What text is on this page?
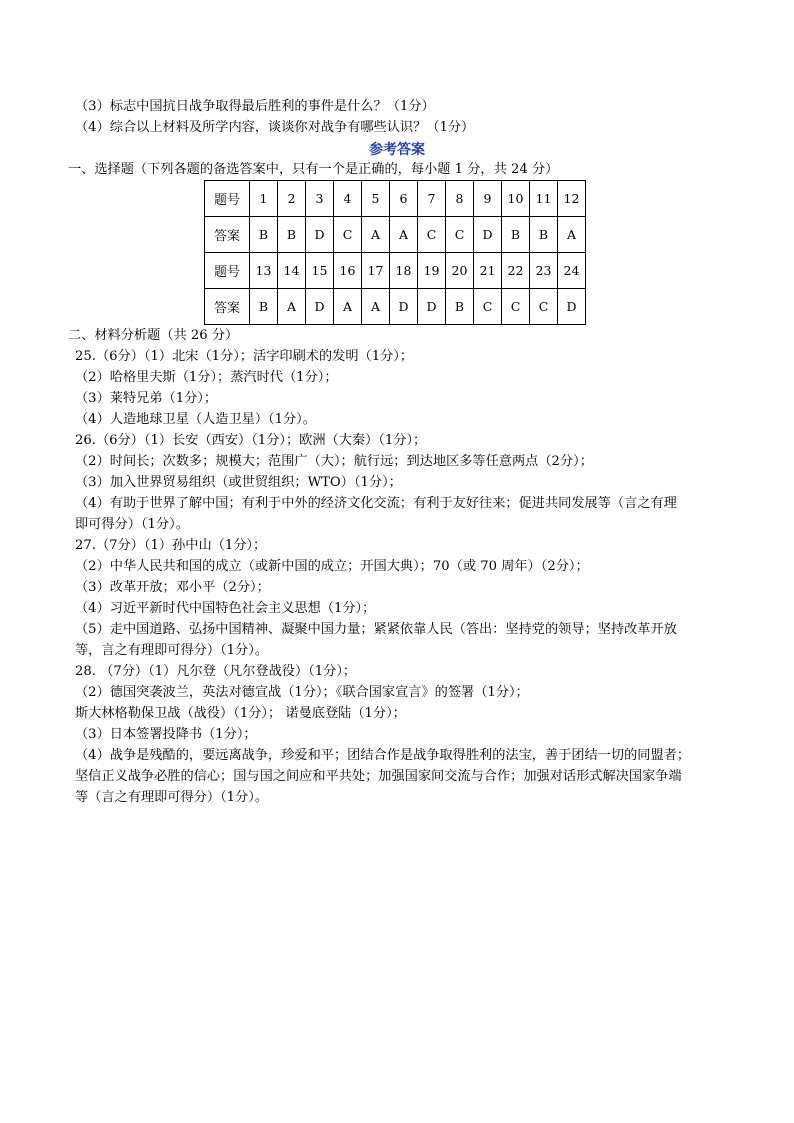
（3）标志中国抗日战争取得最后胜利的事件是什么？（1分）
（4）综合以上材料及所学内容，谈谈你对战争有哪些认识？（1分）
参考答案
一、选择题（下列各题的备选答案中，只有一个是正确的，每小题 1 分，共 24 分）
题号	1	2	3	4	5	6	7	8	9	10	11	12
答案	B	B	D	C	A	A	C	C	D	B	B	A
题号	13	14	15	16	17	18	19	20	21	22	23	24
答案	B	A	D	A	A	D	D	B	C	C	C	D
二、材料分析题（共 26 分）
25.（6分）（1）北宋（1分）；活字印刷术的发明（1分）；
（2）哈格里夫斯（1分）；蒸汽时代（1分）；
（3）莱特兄弟（1分）；
（4）人造地球卫星（人造卫星）（1分）。
26.（6分）（1）长安（西安）（1分）；欧洲（大秦）（1分）；
（2）时间长；次数多；规模大；范围广（大）；航行远；到达地区多等任意两点（2分）；
（3）加入世界贸易组织（或世贸组织；WTO）（1分）；
（4）有助于世界了解中国；有利于中外的经济文化交流；有利于友好往来；促进共同发展等（言之有理
即可得分）（1分）。
27.（7分）（1）孙中山（1分）；
（2）中华人民共和国的成立（或新中国的成立；开国大典）；70（或 70 周年）（2分）；
（3）改革开放；邓小平（2分）；
（4）习近平新时代中国特色社会主义思想（1分）；
（5）走中国道路、弘扬中国精神、凝聚中国力量；紧紧依靠人民（答出：坚持党的领导；坚持改革开放
等，言之有理即可得分）（1分）。
28. （7分）（1）凡尔登（凡尔登战役）（1分）；
（2）德国突袭波兰，英法对德宣战（1分）；《联合国家宣言》的签署（1分）；
斯大林格勒保卫战（战役）（1分）； 诺曼底登陆（1分）；
（3）日本签署投降书（1分）；
（4）战争是残酷的，要远离战争，珍爱和平；团结合作是战争取得胜利的法宝，善于团结一切的同盟者；
坚信正义战争必胜的信心；国与国之间应和平共处；加强国家间交流与合作；加强对话形式解决国家争端
等（言之有理即可得分）（1分）。
